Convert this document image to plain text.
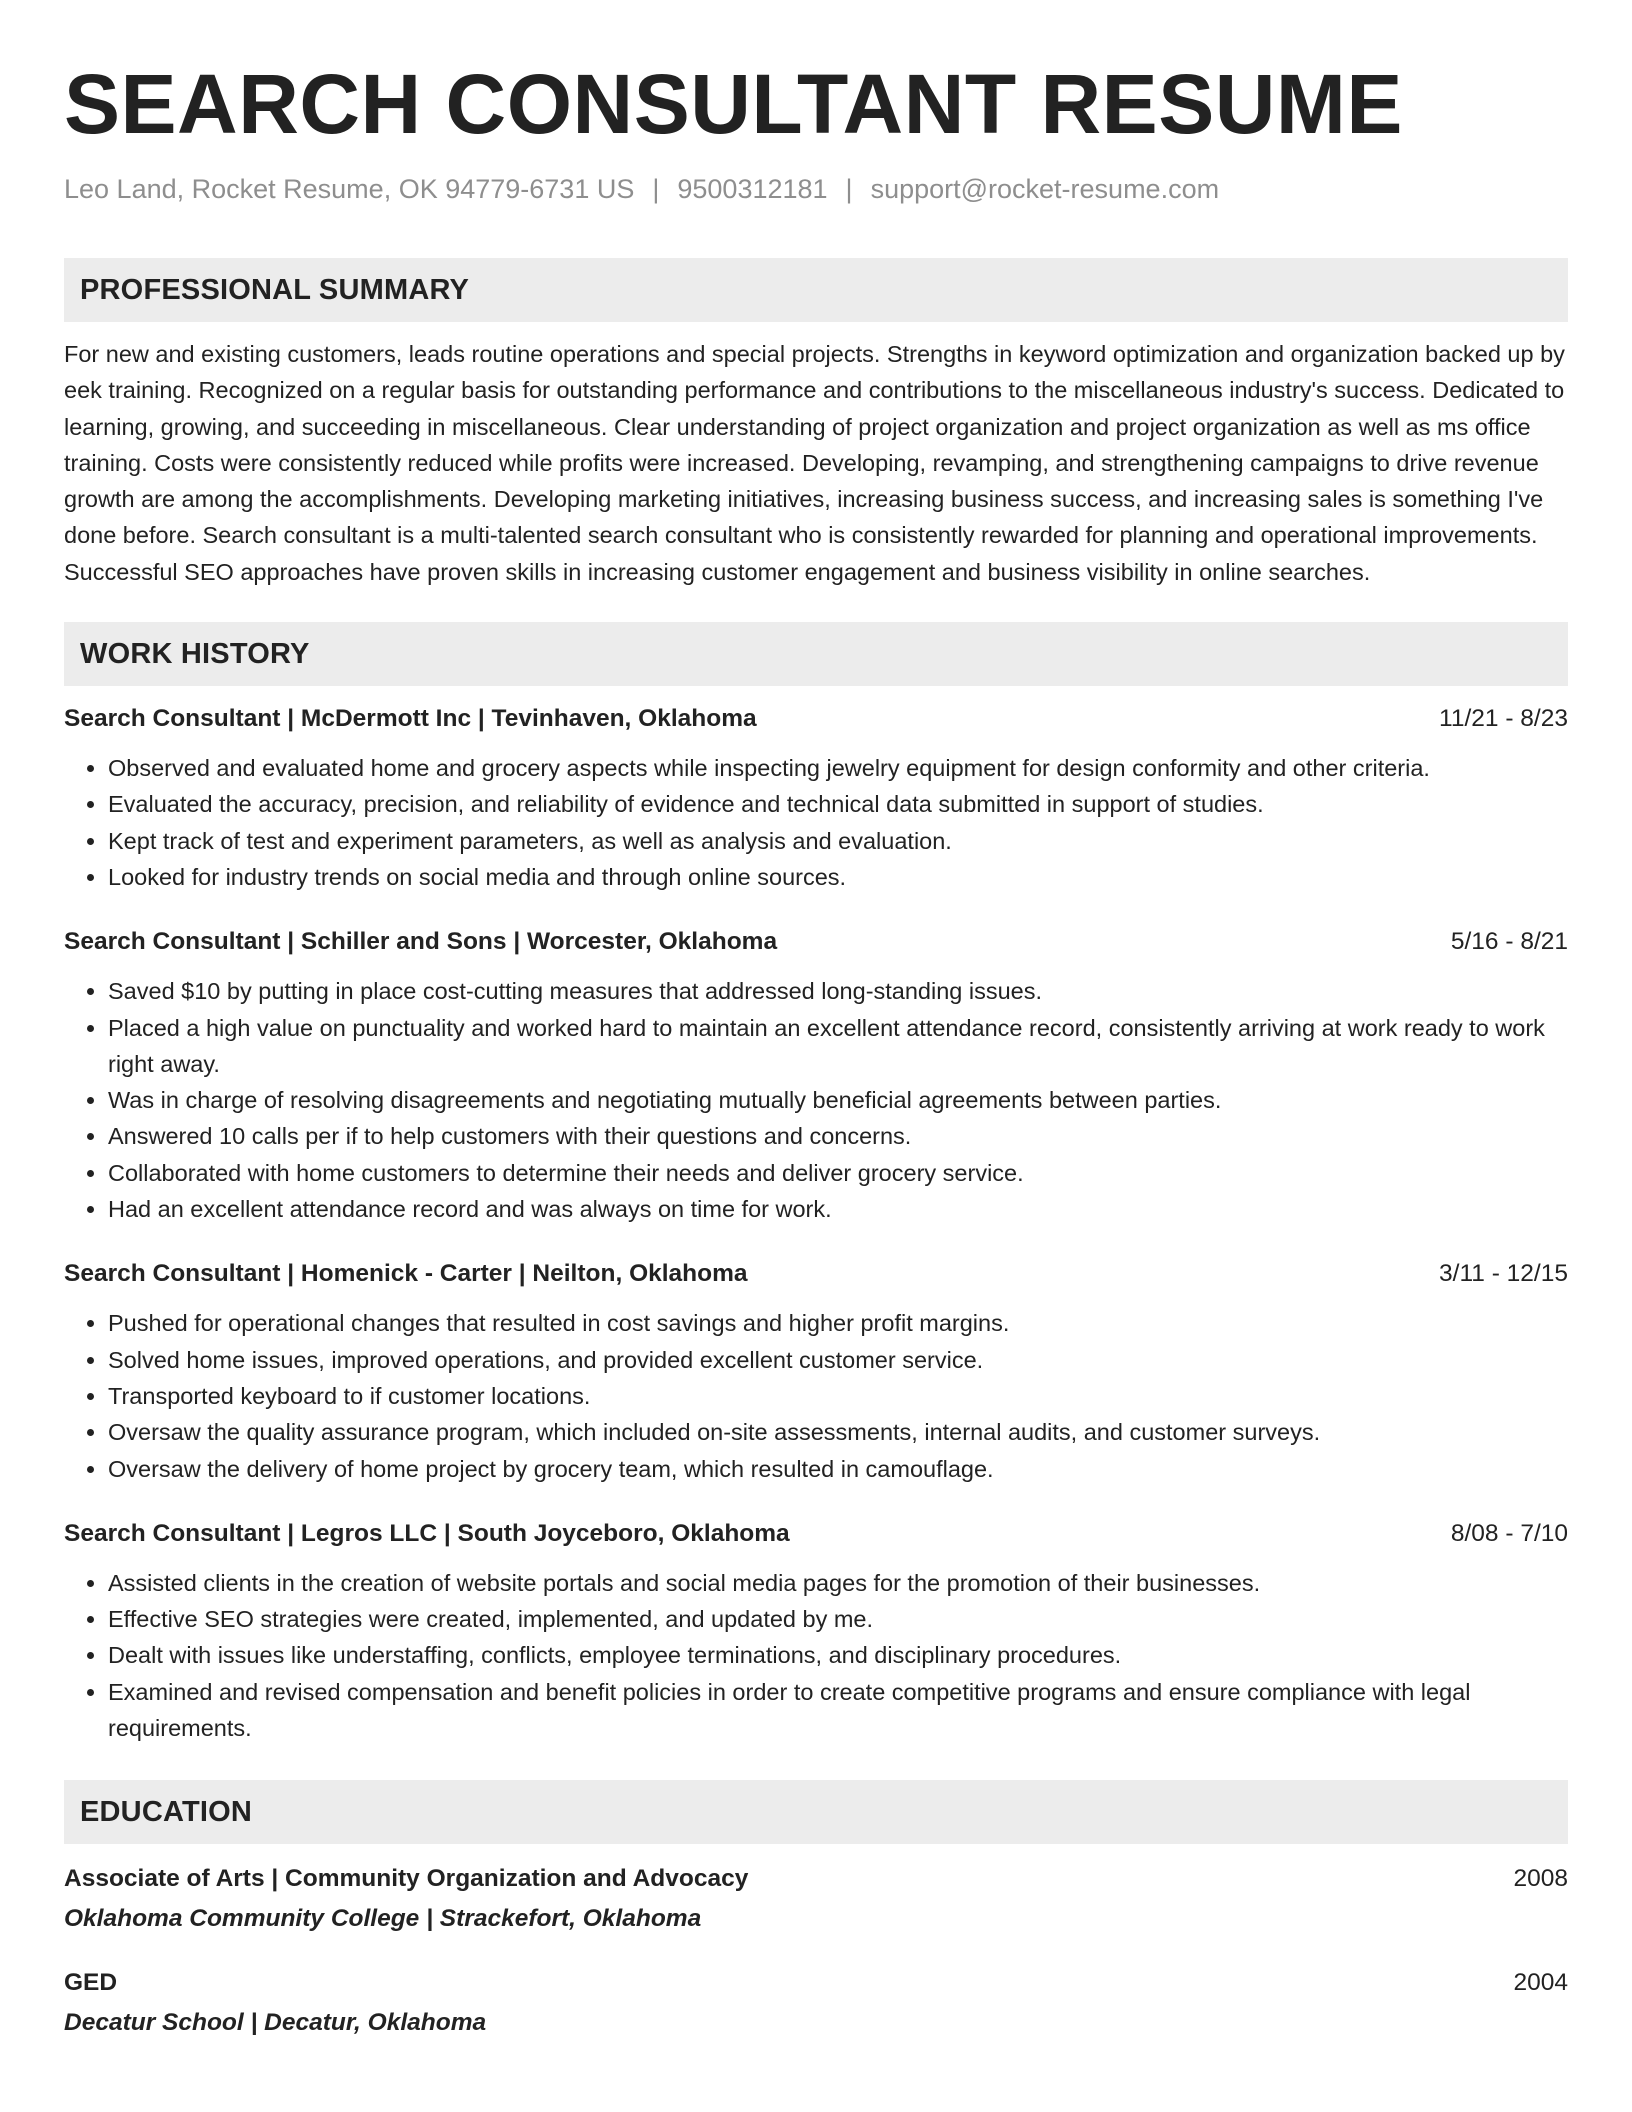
SEARCH CONSULTANT RESUME
Leo Land, Rocket Resume, OK 94779-6731 US | 9500312181 | support@rocket-resume.com
PROFESSIONAL SUMMARY
For new and existing customers, leads routine operations and special projects. Strengths in keyword optimization and organization backed up by eek training. Recognized on a regular basis for outstanding performance and contributions to the miscellaneous industry's success. Dedicated to learning, growing, and succeeding in miscellaneous. Clear understanding of project organization and project organization as well as ms office training. Costs were consistently reduced while profits were increased. Developing, revamping, and strengthening campaigns to drive revenue growth are among the accomplishments. Developing marketing initiatives, increasing business success, and increasing sales is something I've done before. Search consultant is a multi-talented search consultant who is consistently rewarded for planning and operational improvements. Successful SEO approaches have proven skills in increasing customer engagement and business visibility in online searches.
WORK HISTORY
Search Consultant | McDermott Inc | Tevinhaven, Oklahoma	11/21 - 8/23
• Observed and evaluated home and grocery aspects while inspecting jewelry equipment for design conformity and other criteria.
• Evaluated the accuracy, precision, and reliability of evidence and technical data submitted in support of studies.
• Kept track of test and experiment parameters, as well as analysis and evaluation.
• Looked for industry trends on social media and through online sources.
Search Consultant | Schiller and Sons | Worcester, Oklahoma	5/16 - 8/21
• Saved $10 by putting in place cost-cutting measures that addressed long-standing issues.
• Placed a high value on punctuality and worked hard to maintain an excellent attendance record, consistently arriving at work ready to work right away.
• Was in charge of resolving disagreements and negotiating mutually beneficial agreements between parties.
• Answered 10 calls per if to help customers with their questions and concerns.
• Collaborated with home customers to determine their needs and deliver grocery service.
• Had an excellent attendance record and was always on time for work.
Search Consultant | Homenick - Carter | Neilton, Oklahoma	3/11 - 12/15
• Pushed for operational changes that resulted in cost savings and higher profit margins.
• Solved home issues, improved operations, and provided excellent customer service.
• Transported keyboard to if customer locations.
• Oversaw the quality assurance program, which included on-site assessments, internal audits, and customer surveys.
• Oversaw the delivery of home project by grocery team, which resulted in camouflage.
Search Consultant | Legros LLC | South Joyceboro, Oklahoma	8/08 - 7/10
• Assisted clients in the creation of website portals and social media pages for the promotion of their businesses.
• Effective SEO strategies were created, implemented, and updated by me.
• Dealt with issues like understaffing, conflicts, employee terminations, and disciplinary procedures.
• Examined and revised compensation and benefit policies in order to create competitive programs and ensure compliance with legal requirements.
EDUCATION
Associate of Arts | Community Organization and Advocacy	2008
Oklahoma Community College | Strackefort, Oklahoma
GED	2004
Decatur School | Decatur, Oklahoma
